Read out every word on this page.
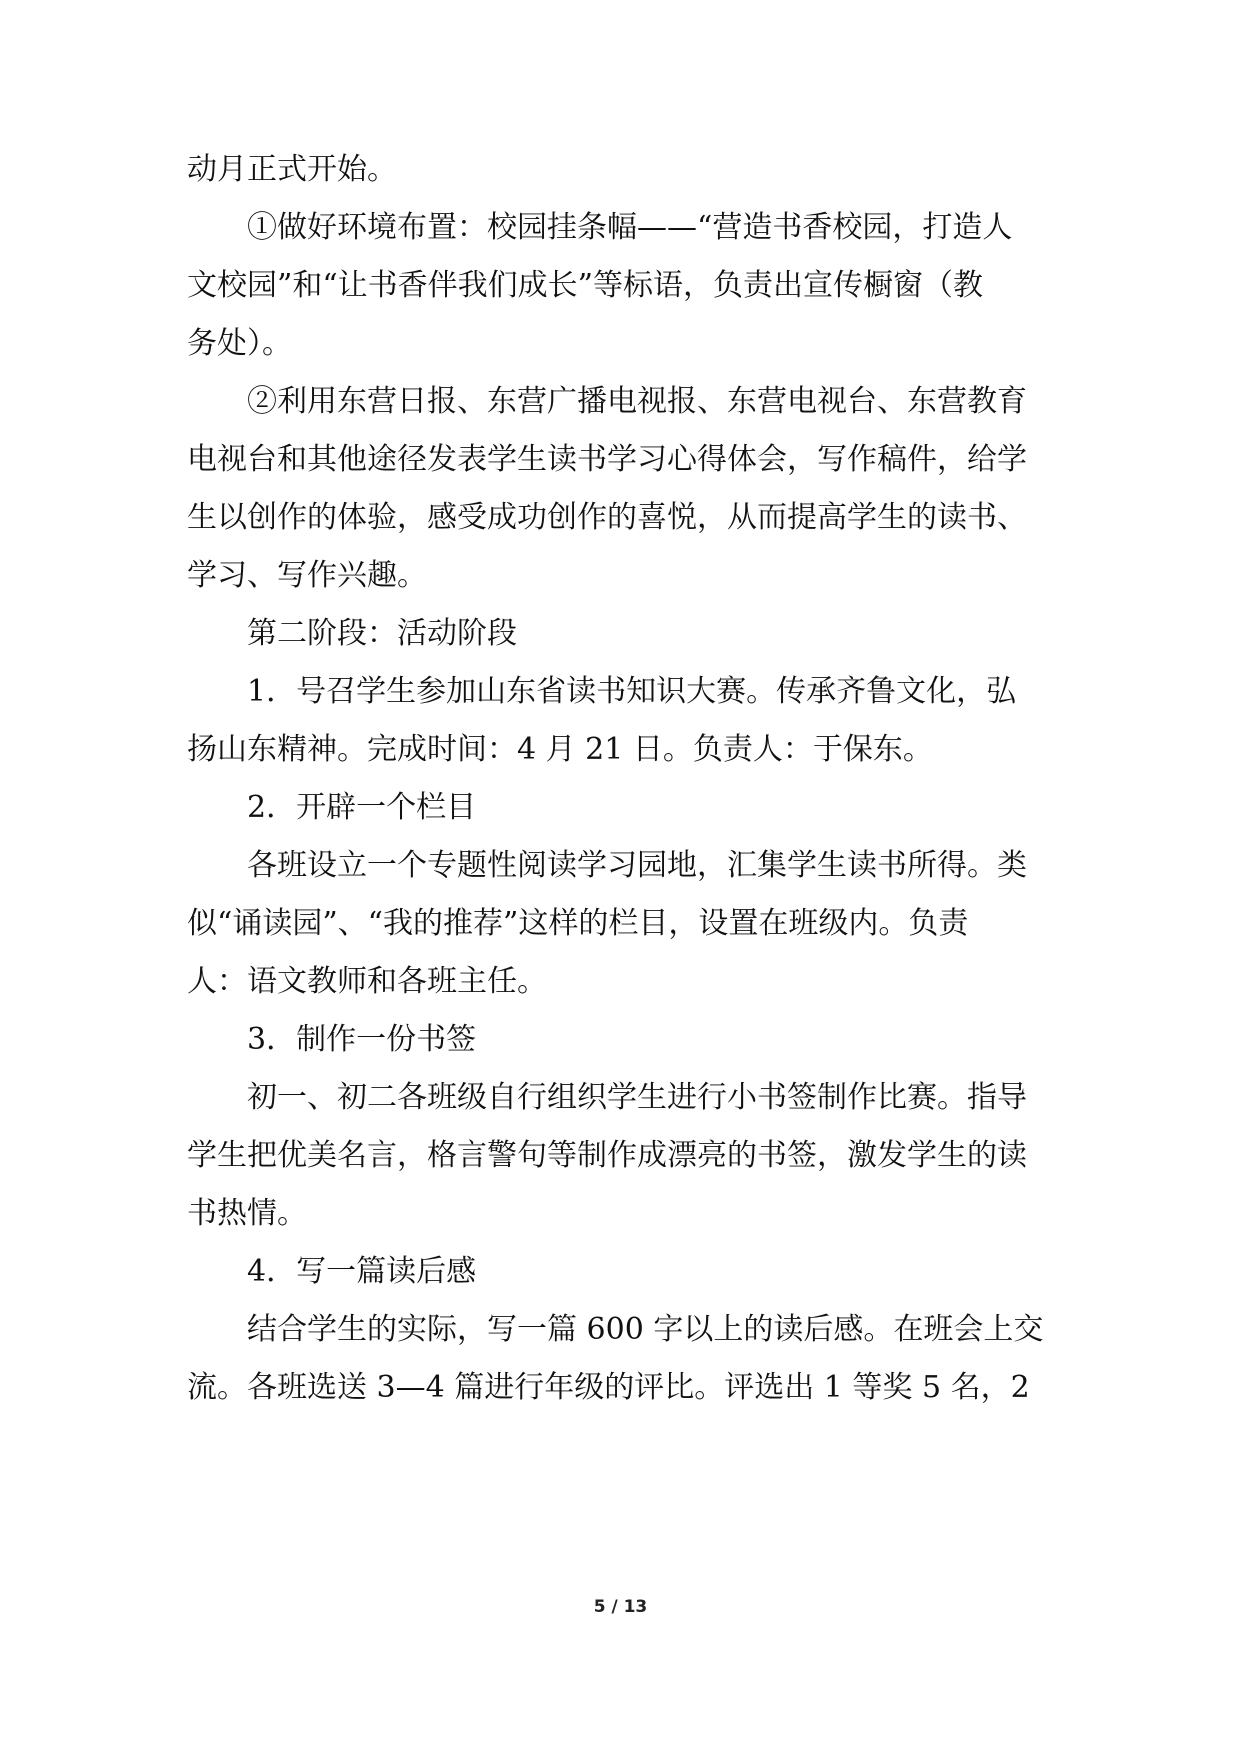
动月正式开始。
①做好环境布置：校园挂条幅——“营造书香校园，打造人
文校园”和“让书香伴我们成长”等标语，负责出宣传橱窗（教
务处）。
②利用东营日报、东营广播电视报、东营电视台、东营教育
电视台和其他途径发表学生读书学习心得体会，写作稿件，给学
生以创作的体验，感受成功创作的喜悦，从而提高学生的读书、
学习、写作兴趣。
第二阶段：活动阶段
1．号召学生参加山东省读书知识大赛。传承齐鲁文化，弘
扬山东精神。完成时间：4 月 21 日。负责人：于保东。
2．开辟一个栏目
各班设立一个专题性阅读学习园地，汇集学生读书所得。类
似“诵读园”、“我的推荐”这样的栏目，设置在班级内。负责
人：语文教师和各班主任。
3．制作一份书签
初一、初二各班级自行组织学生进行小书签制作比赛。指导
学生把优美名言，格言警句等制作成漂亮的书签，激发学生的读
书热情。
4．写一篇读后感
结合学生的实际，写一篇 600 字以上的读后感。在班会上交
流。各班选送 3—4 篇进行年级的评比。评选出 1 等奖 5 名，2
5 / 13
